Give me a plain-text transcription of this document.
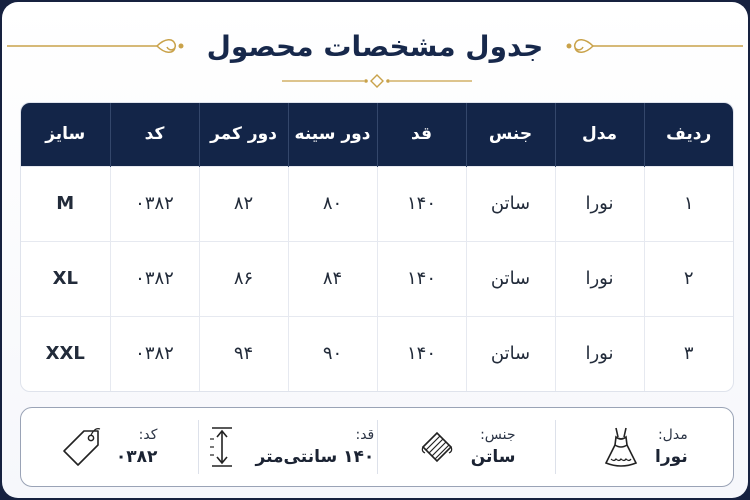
جدول مشخصات محصول
ردیف	مدل	جنس	قد	دور سینه	دور کمر	کد	سایز
۱	نورا	ساتن	۱۴۰	۸۰	۸۲	۰۳۸۲	M
۲	نورا	ساتن	۱۴۰	۸۴	۸۶	۰۳۸۲	XL
۳	نورا	ساتن	۱۴۰	۹۰	۹۴	۰۳۸۲	XXL
مدل:
نورا
جنس:
ساتن
قد:
۱۴۰ سانتی‌متر
کد:
۰۳۸۲
